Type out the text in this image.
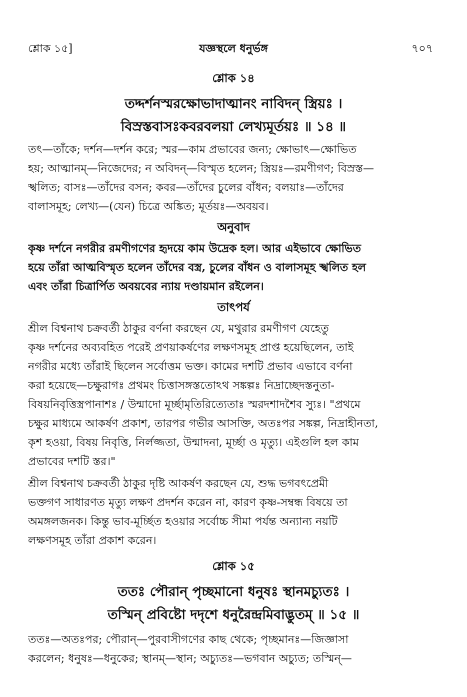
শ্লোক ১৫]	যজ্ঞস্থলে ধনুর্ভঙ্গ	৭০৭
শ্লোক ১৪
তদ্দর্শনস্মরক্ষোভাদাত্মানং নাবিদন্ স্ত্রিয়ঃ ।
বিস্রস্তবাসঃকবরবলয়া লেখ্যমূর্তয়ঃ ॥ ১৪ ॥
তৎ—তাঁকে; দর্শন—দর্শন করে; স্মর—কাম প্রভাবের জন্য; ক্ষোভাৎ—ক্ষোভিত
হয়; আত্মানম্—নিজেদের; ন অবিদন্—বিস্মৃত হলেন; স্ত্রিয়ঃ—রমণীগণ; বিস্রস্ত—
স্খলিত; বাসঃ—তাঁদের বসন; কবর—তাঁদের চুলের বাঁধন; বলয়াঃ—তাঁদের
বালাসমূহ; লেখ্য—(যেন) চিত্রে অঙ্কিত; মূর্তয়ঃ—অবয়ব।
অনুবাদ
কৃষ্ণ দর্শনে নগরীর রমণীগণের হৃদয়ে কাম উদ্রেক হল। আর এইভাবে ক্ষোভিত
হয়ে তাঁরা আত্মবিস্মৃত হলেন তাঁদের বস্ত্র, চুলের বাঁধন ও বালাসমূহ স্খলিত হল
এবং তাঁরা চিত্রার্পিত অবয়বের ন্যায় দণ্ডায়মান রইলেন।
তাৎপর্য
শ্রীল বিশ্বনাথ চক্রবর্তী ঠাকুর বর্ণনা করছেন যে, মথুরার রমণীগণ যেহেতু
কৃষ্ণ দর্শনের অব্যবহিত পরেই প্রণয়াকর্ষণের লক্ষণসমূহ প্রাপ্ত হয়েছিলেন, তাই
নগরীর মধ্যে তাঁরাই ছিলেন সর্বোত্তম ভক্ত। কামের দশটি প্রভাব এভাবে বর্ণনা
করা হয়েছে—চক্ষুরাগঃ প্রথমং চিত্তাসঙ্গস্ততোঽথ সঙ্কল্পঃ নিদ্রাচ্ছেদস্তনুতা-
বিষয়নিবৃত্তিস্ত্রপানাশঃ / উন্মাদো মূর্চ্ছামৃতিরিত্যেতাঃ স্মরদশাদশৈব স্যুঃ। "প্রথমে
চক্ষুর মাধ্যমে আকর্ষণ প্রকাশ, তারপর গভীর আসক্তি, অতঃপর সঙ্কল্প, নিদ্রাহীনতা,
কৃশ হওয়া, বিষয় নিবৃত্তি, নির্লজ্জতা, উন্মাদনা, মূর্চ্ছা ও মৃত্যু। এইগুলি হল কাম
প্রভাবের দশটি স্তর।"
শ্রীল বিশ্বনাথ চক্রবর্তী ঠাকুর দৃষ্টি আকর্ষণ করছেন যে, শুদ্ধ ভগবৎপ্রেমী
ভক্তগণ সাধারণত মৃত্যু লক্ষণ প্রদর্শন করেন না, কারণ কৃষ্ণ-সম্বন্ধ বিষয়ে তা
অমঙ্গলজনক। কিন্তু ভাব-মূর্চ্ছিত হওয়ার সর্বোচ্চ সীমা পর্যন্ত অন্যান্য নয়টি
লক্ষণসমূহ তাঁরা প্রকাশ করেন।
শ্লোক ১৫
ততঃ পৌরান্ পৃচ্ছমানো ধনুষঃ স্থানমচ্যুতঃ ।
তস্মিন্ প্রবিষ্টো দদৃশে ধনুরৈন্দ্রমিবাদ্ভুতম্ ॥ ১৫ ॥
ততঃ—অতঃপর; পৌরান্—পুরবাসীগণের কাছ থেকে; পৃচ্ছমানঃ—জিজ্ঞাসা
করলেন; ধনুষঃ—ধনুকের; স্থানম্—স্থান; অচ্যুতঃ—ভগবান অচ্যুত; তস্মিন্—
